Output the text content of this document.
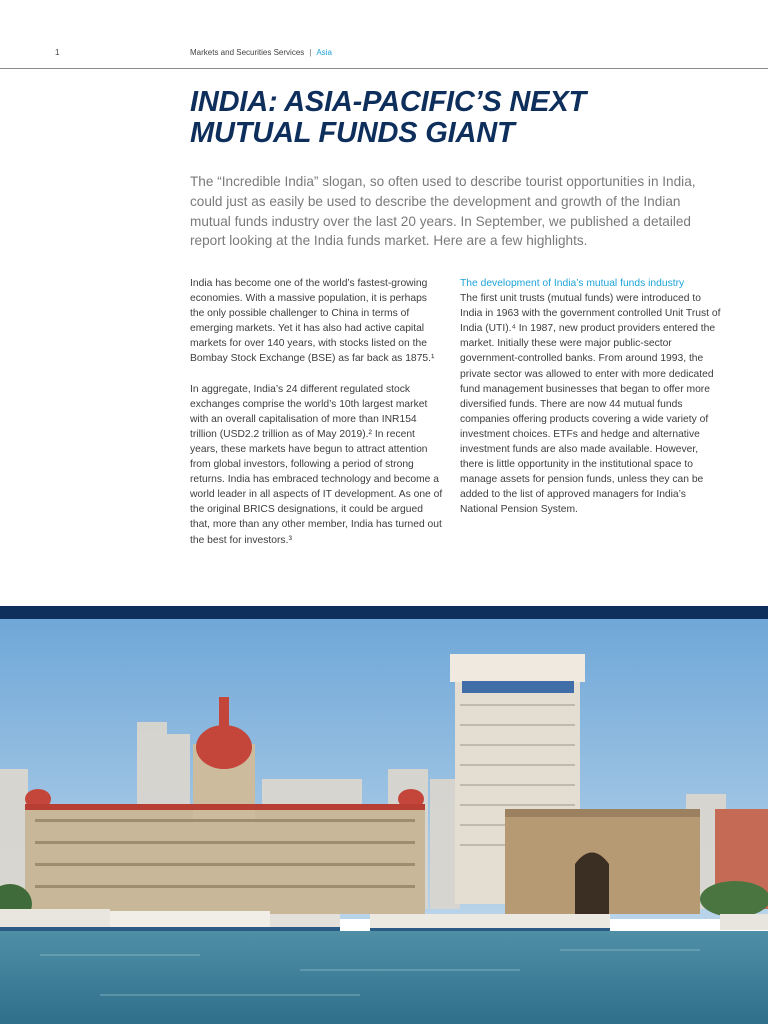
1	Markets and Securities Services | Asia
INDIA: ASIA-PACIFIC’S NEXT
MUTUAL FUNDS GIANT

The “Incredible India” slogan, so often used to describe tourist opportunities in India, could just as easily be used to describe the development and growth of the Indian mutual funds industry over the last 20 years. In September, we published a detailed report looking at the India funds market. Here are a few highlights.

India has become one of the world’s fastest-growing economies. With a massive population, it is perhaps the only possible challenger to China in terms of emerging markets. Yet it has also had active capital markets for over 140 years, with stocks listed on the Bombay Stock Exchange (BSE) as far back as 1875.¹

In aggregate, India’s 24 different regulated stock exchanges comprise the world’s 10th largest market with an overall capitalisation of more than INR154 trillion (USD2.2 trillion as of May 2019).² In recent years, these markets have begun to attract attention from global investors, following a period of strong returns. India has embraced technology and become a world leader in all aspects of IT development. As one of the original BRICS designations, it could be argued that, more than any other member, India has turned out the best for investors.³

The development of India’s mutual funds industry

The first unit trusts (mutual funds) were introduced to India in 1963 with the government controlled Unit Trust of India (UTI).⁴ In 1987, new product providers entered the market. Initially these were major public-sector government-controlled banks. From around 1993, the private sector was allowed to enter with more dedicated fund management businesses that began to offer more diversified funds. There are now 44 mutual funds companies offering products covering a wide variety of investment choices. ETFs and hedge and alternative investment funds are also made available. However, there is little opportunity in the institutional space to manage assets for pension funds, unless they can be added to the list of approved managers for India’s National Pension System.
